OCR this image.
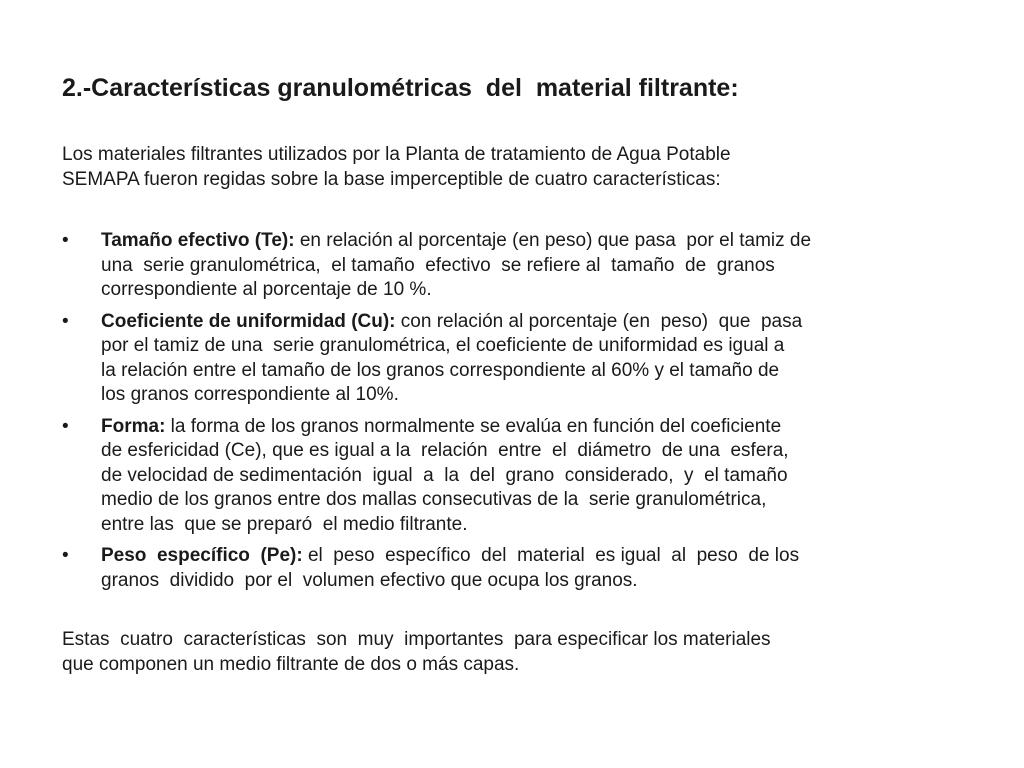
2.-Características granulométricas  del  material filtrante:

Los materiales filtrantes utilizados por la Planta de tratamiento de Agua Potable
SEMAPA fueron regidas sobre la base imperceptible de cuatro características:

• Tamaño efectivo (Te): en relación al porcentaje (en peso) que pasa  por el tamiz de
una  serie granulométrica,  el tamaño  efectivo  se refiere al  tamaño  de  granos
correspondiente al porcentaje de 10 %.
• Coeficiente de uniformidad (Cu): con relación al porcentaje (en  peso)  que  pasa
por el tamiz de una  serie granulométrica, el coeficiente de uniformidad es igual a
la relación entre el tamaño de los granos correspondiente al 60% y el tamaño de
los granos correspondiente al 10%.
• Forma: la forma de los granos normalmente se evalúa en función del coeficiente
de esfericidad (Ce), que es igual a la  relación  entre  el  diámetro  de una  esfera,
de velocidad de sedimentación  igual  a  la  del  grano  considerado,  y  el tamaño
medio de los granos entre dos mallas consecutivas de la  serie granulométrica,
entre las  que se preparó  el medio filtrante.
• Peso  específico  (Pe): el  peso  específico  del  material  es igual  al  peso  de los
granos  dividido  por el  volumen efectivo que ocupa los granos.

Estas  cuatro  características  son  muy  importantes  para especificar los materiales
que componen un medio filtrante de dos o más capas.
